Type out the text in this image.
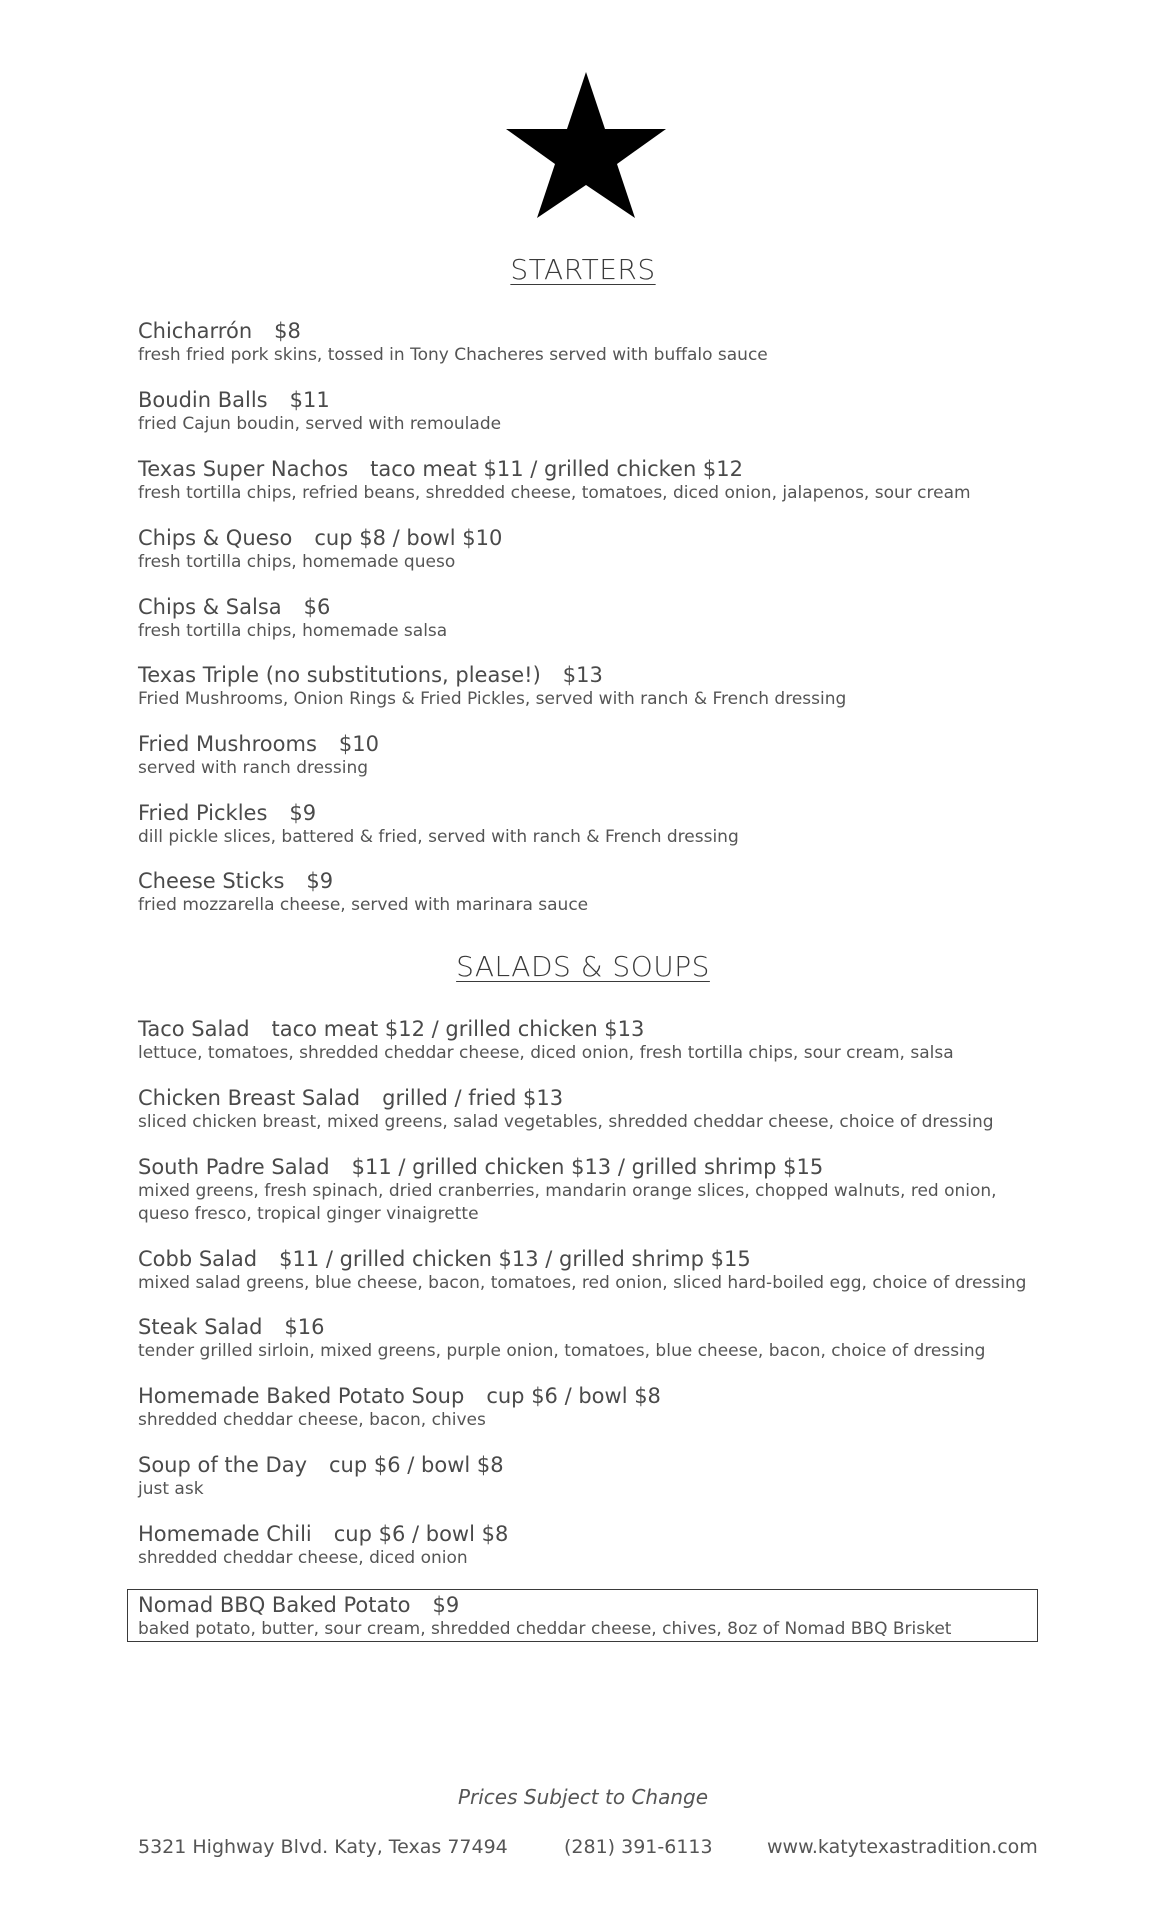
STARTERS
Chicharrón $8
fresh fried pork skins, tossed in Tony Chacheres served with buffalo sauce
Boudin Balls $11
fried Cajun boudin, served with remoulade
Texas Super Nachos taco meat $11 / grilled chicken $12
fresh tortilla chips, refried beans, shredded cheese, tomatoes, diced onion, jalapenos, sour cream
Chips & Queso cup $8 / bowl $10
fresh tortilla chips, homemade queso
Chips & Salsa $6
fresh tortilla chips, homemade salsa
Texas Triple (no substitutions, please!) $13
Fried Mushrooms, Onion Rings & Fried Pickles, served with ranch & French dressing
Fried Mushrooms $10
served with ranch dressing
Fried Pickles $9
dill pickle slices, battered & fried, served with ranch & French dressing
Cheese Sticks $9
fried mozzarella cheese, served with marinara sauce
SALADS & SOUPS
Taco Salad taco meat $12 / grilled chicken $13
lettuce, tomatoes, shredded cheddar cheese, diced onion, fresh tortilla chips, sour cream, salsa
Chicken Breast Salad grilled / fried $13
sliced chicken breast, mixed greens, salad vegetables, shredded cheddar cheese, choice of dressing
South Padre Salad $11 / grilled chicken $13 / grilled shrimp $15
mixed greens, fresh spinach, dried cranberries, mandarin orange slices, chopped walnuts, red onion, queso fresco, tropical ginger vinaigrette
Cobb Salad $11 / grilled chicken $13 / grilled shrimp $15
mixed salad greens, blue cheese, bacon, tomatoes, red onion, sliced hard-boiled egg, choice of dressing
Steak Salad $16
tender grilled sirloin, mixed greens, purple onion, tomatoes, blue cheese, bacon, choice of dressing
Homemade Baked Potato Soup cup $6 / bowl $8
shredded cheddar cheese, bacon, chives
Soup of the Day cup $6 / bowl $8
just ask
Homemade Chili cup $6 / bowl $8
shredded cheddar cheese, diced onion
Nomad BBQ Baked Potato $9
baked potato, butter, sour cream, shredded cheddar cheese, chives, 8oz of Nomad BBQ Brisket
Prices Subject to Change
5321 Highway Blvd. Katy, Texas 77494	(281) 391-6113	www.katytexastradition.com
